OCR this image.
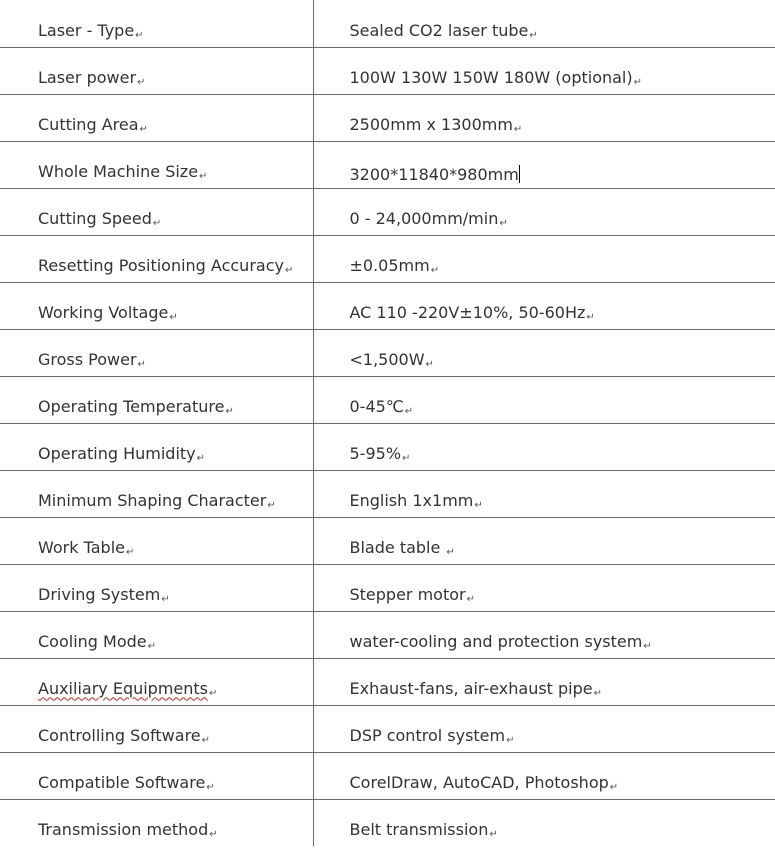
Laser - Type↵	Sealed CO2 laser tube↵
Laser power↵	100W 130W 150W 180W (optional)↵
Cutting Area↵	2500mm x 1300mm↵
Whole Machine Size↵	3200*11840*980mm
Cutting Speed↵	0 - 24,000mm/min↵
Resetting Positioning Accuracy↵	±0.05mm↵
Working Voltage↵	AC 110 -220V±10%, 50-60Hz↵
Gross Power↵	<1,500W↵
Operating Temperature↵	0-45℃↵
Operating Humidity↵	5-95%↵
Minimum Shaping Character↵	English 1x1mm↵
Work Table↵	Blade table ↵
Driving System↵	Stepper motor↵
Cooling Mode↵	water-cooling and protection system↵
Auxiliary Equipments↵	Exhaust-fans, air-exhaust pipe↵
Controlling Software↵	DSP control system↵
Compatible Software↵	CorelDraw, AutoCAD, Photoshop↵
Transmission method↵	Belt transmission↵
